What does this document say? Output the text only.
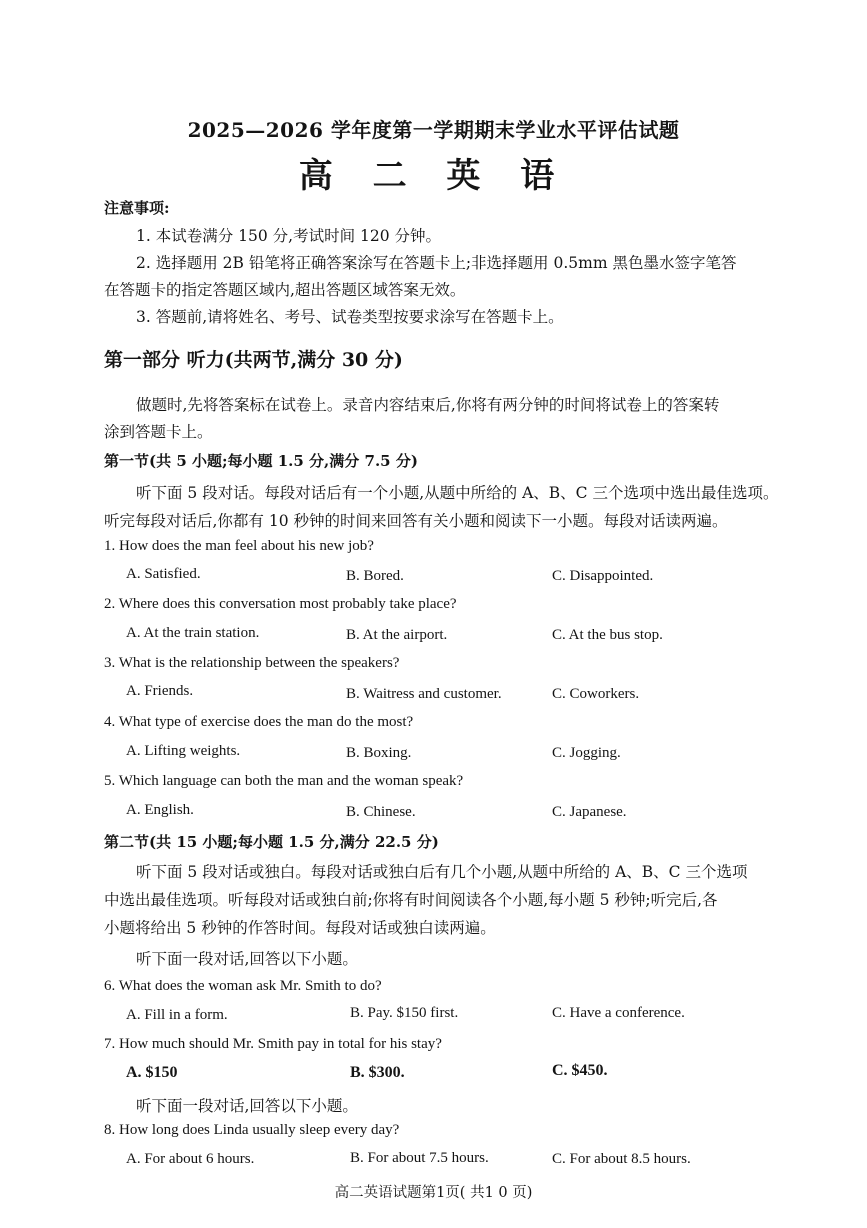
2025—2026 学年度第一学期期末学业水平评估试题
高 二 英 语
注意事项:
1. 本试卷满分 150 分,考试时间 120 分钟。
2. 选择题用 2B 铅笔将正确答案涂写在答题卡上;非选择题用 0.5mm 黑色墨水签字笔答
在答题卡的指定答题区域内,超出答题区域答案无效。
3. 答题前,请将姓名、考号、试卷类型按要求涂写在答题卡上。
第一部分 听力(共两节,满分 30 分)
做题时,先将答案标在试卷上。录音内容结束后,你将有两分钟的时间将试卷上的答案转
涂到答题卡上。
第一节(共 5 小题;每小题 1.5 分,满分 7.5 分)
听下面 5 段对话。每段对话后有一个小题,从题中所给的 A、B、C 三个选项中选出最佳选项。
听完每段对话后,你都有 10 秒钟的时间来回答有关小题和阅读下一小题。每段对话读两遍。
1. How does the man feel about his new job?
A. Satisfied.	B. Bored.	C. Disappointed.
2. Where does this conversation most probably take place?
A. At the train station.	B. At the airport.	C. At the bus stop.
3. What is the relationship between the speakers?
A. Friends.	B. Waitress and customer.	C. Coworkers.
4. What type of exercise does the man do the most?
A. Lifting weights.	B. Boxing.	C. Jogging.
5. Which language can both the man and the woman speak?
A. English.	B. Chinese.	C. Japanese.
第二节(共 15 小题;每小题 1.5 分,满分 22.5 分)
听下面 5 段对话或独白。每段对话或独白后有几个小题,从题中所给的 A、B、C 三个选项
中选出最佳选项。听每段对话或独白前;你将有时间阅读各个小题,每小题 5 秒钟;听完后,各
小题将给出 5 秒钟的作答时间。每段对话或独白读两遍。
听下面一段对话,回答以下小题。
6. What does the woman ask Mr. Smith to do?
A. Fill in a form.	B. Pay. $150 first.	C. Have a conference.
7. How much should Mr. Smith pay in total for his stay?
A. $150	B. $300.	C. $450.
听下面一段对话,回答以下小题。
8. How long does Linda usually sleep every day?
A. For about 6 hours.	B. For about 7.5 hours.	C. For about 8.5 hours.
高二英语试题第1页( 共1 0 页)
